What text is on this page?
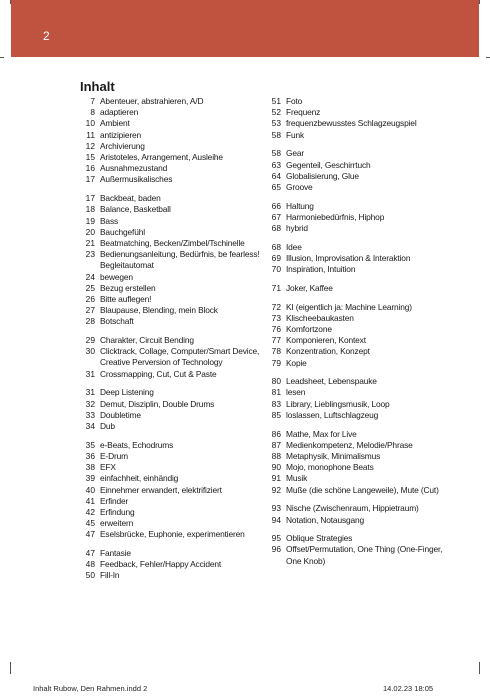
2
Inhalt
7 Abenteuer, abstrahieren, A/D
8 adaptieren
10 Ambient
11 antizipieren
12 Archivierung
15 Aristoteles, Arrangement, Ausleihe
16 Ausnahmezustand
17 Außermusikalisches
17 Backbeat, baden
18 Balance, Basketball
19 Bass
20 Bauchgefühl
21 Beatmatching, Becken/Zimbel/Tschinelle
23 Bedienungsanleitung, Bedürfnis, be fearless! Begleitautomat
24 bewegen
25 Bezug erstellen
26 Bitte auflegen!
27 Blaupause, Blending, mein Block
28 Botschaft
29 Charakter, Circuit Bending
30 Clicktrack, Collage, Computer/Smart Device, Creative Perversion of Technology
31 Crossmapping, Cut, Cut & Paste
31 Deep Listening
32 Demut, Disziplin, Double Drums
33 Doubletime
34 Dub
35 e-Beats, Echodrums
36 E-Drum
38 EFX
39 einfachheit, einhändig
40 Einnehmer erwandert, elektrifiziert
41 Erfinder
42 Erfindung
45 erweitern
47 Eselsbrücke, Euphonie, experimentieren
47 Fantasie
48 Feedback, Fehler/Happy Accident
50 Fill-In
51 Foto
52 Frequenz
53 frequenzbewusstes Schlagzeugspiel
58 Funk
58 Gear
63 Gegenteil, Geschirrtuch
64 Globalisierung, Glue
65 Groove
66 Haltung
67 Harmoniebedürfnis, Hiphop
68 hybrid
68 Idee
69 Illusion, Improvisation & Interaktion
70 Inspiration, Intuition
71 Joker, Kaffee
72 KI (eigentlich ja: Machine Learning)
73 Klischeebaukasten
76 Komfortzone
77 Komponieren, Kontext
78 Konzentration, Konzept
79 Kopie
80 Leadsheet, Lebenspauke
81 lesen
83 Library, Lieblingsmusik, Loop
85 loslassen, Luftschlagzeug
86 Mathe, Max for Live
87 Medienkompetenz, Melodie/Phrase
88 Metaphysik, Minimalismus
90 Mojo, monophone Beats
91 Musik
92 Muße (die schöne Langeweile), Mute (Cut)
93 Nische (Zwischenraum, Hippietraum)
94 Notation, Notausgang
95 Oblique Strategies
96 Offset/Permutation, One Thing (One-Finger, One Knob)
Inhalt Rubow, Den Rahmen.indd 2	14.02.23 18:05
